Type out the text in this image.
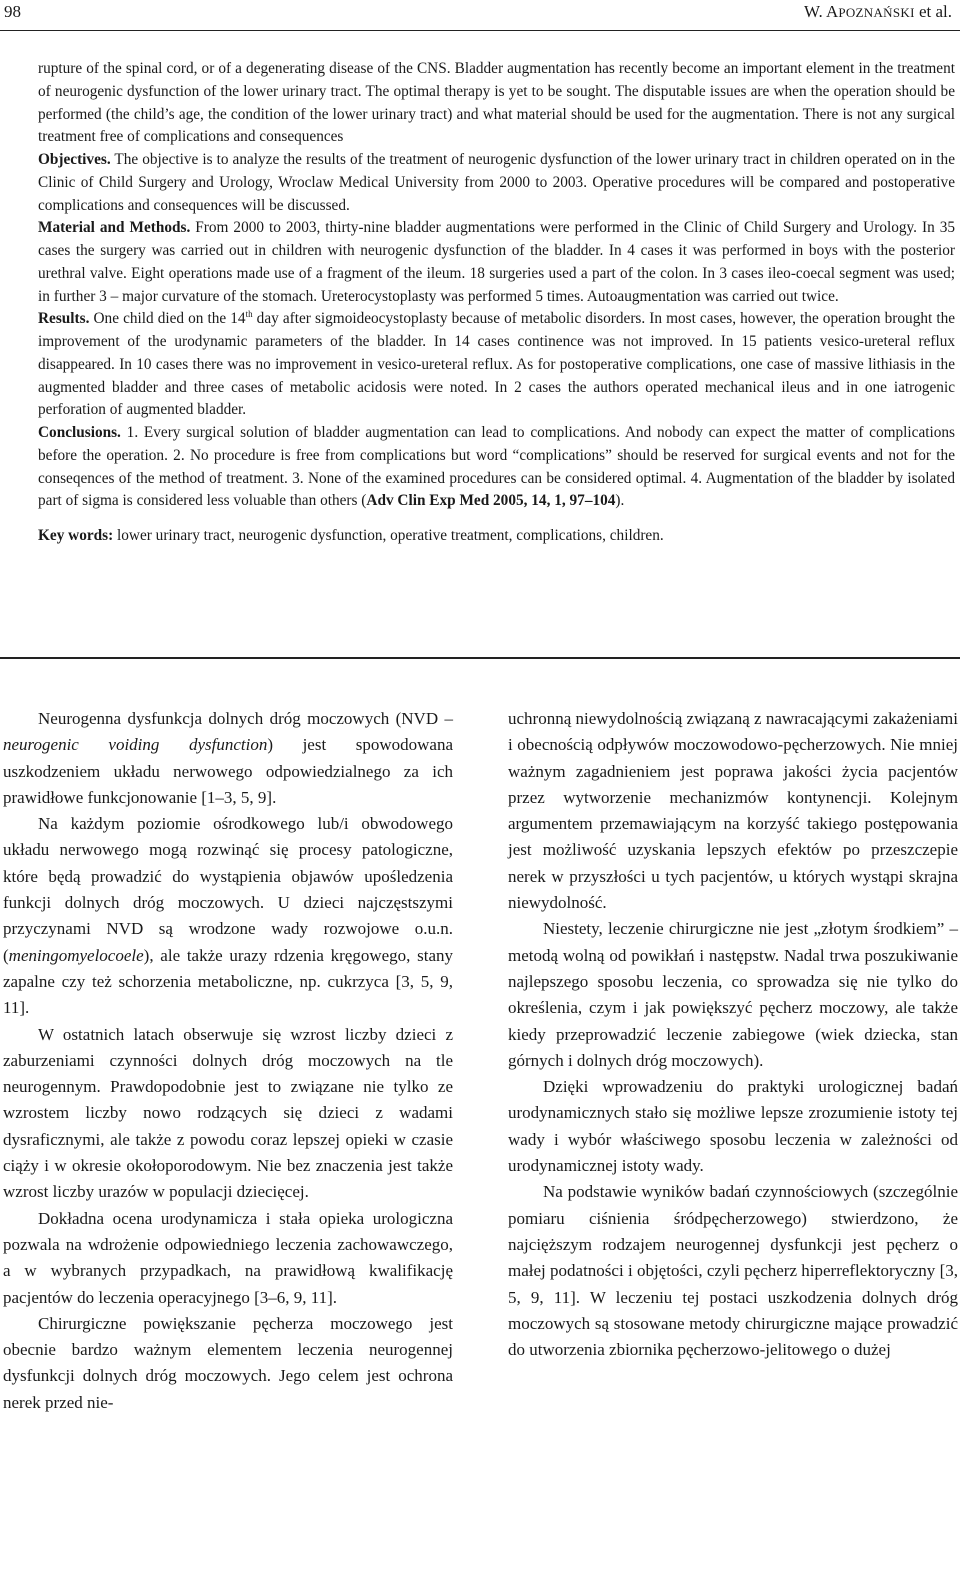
98	W. APOZNAŃSKI et al.

rupture of the spinal cord, or of a degenerating disease of the CNS. Bladder augmentation has recently become an important element in the treatment of neurogenic dysfunction of the lower urinary tract. The optimal therapy is yet to be sought. The disputable issues are when the operation should be performed (the child’s age, the condition of the lower urinary tract) and what material should be used for the augmentation. There is not any surgical treatment free of complications and consequences
Objectives. The objective is to analyze the results of the treatment of neurogenic dysfunction of the lower urinary tract in children operated on in the Clinic of Child Surgery and Urology, Wroclaw Medical University from 2000 to 2003. Operative procedures will be compared and postoperative complications and consequences will be discussed.
Material and Methods. From 2000 to 2003, thirty-nine bladder augmentations were performed in the Clinic of Child Surgery and Urology. In 35 cases the surgery was carried out in children with neurogenic dysfunction of the bladder. In 4 cases it was performed in boys with the posterior urethral valve. Eight operations made use of a fragment of the ileum. 18 surgeries used a part of the colon. In 3 cases ileo-coecal segment was used; in further 3 – major curvature of the stomach. Ureterocystoplasty was performed 5 times. Autoaugmentation was carried out twice.
Results. One child died on the 14th day after sigmoideocystoplasty because of metabolic disorders. In most cases, however, the operation brought the improvement of the urodynamic parameters of the bladder. In 14 cases continence was not improved. In 15 patients vesico-ureteral reflux disappeared. In 10 cases there was no improvement in vesico-ureteral reflux. As for postoperative complications, one case of massive lithiasis in the augmented bladder and three cases of metabolic acidosis were noted. In 2 cases the authors operated mechanical ileus and in one iatrogenic perforation of augmented bladder.
Conclusions. 1. Every surgical solution of bladder augmentation can lead to complications. And nobody can expect the matter of complications before the operation. 2. No procedure is free from complications but word “complications” should be reserved for surgical events and not for the conseqences of the method of treatment. 3. None of the examined procedures can be considered optimal. 4. Augmentation of the bladder by isolated part of sigma is considered less voluable than others (Adv Clin Exp Med 2005, 14, 1, 97–104).

Key words: lower urinary tract, neurogenic dysfunction, operative treatment, complications, children.

Neurogenna dysfunkcja dolnych dróg moczowych (NVD – neurogenic voiding dysfunction) jest spowodowana uszkodzeniem układu nerwowego odpowiedzialnego za ich prawidłowe funkcjonowanie [1–3, 5, 9].

Na każdym poziomie ośrodkowego lub/i obwodowego układu nerwowego mogą rozwinąć się procesy patologiczne, które będą prowadzić do wystąpienia objawów upośledzenia funkcji dolnych dróg moczowych. U dzieci najczęstszymi przyczynami NVD są wrodzone wady rozwojowe o.u.n. (meningomyelocoele), ale także urazy rdzenia kręgowego, stany zapalne czy też schorzenia metaboliczne, np. cukrzyca [3, 5, 9, 11].

W ostatnich latach obserwuje się wzrost liczby dzieci z zaburzeniami czynności dolnych dróg moczowych na tle neurogennym. Prawdopodobnie jest to związane nie tylko ze wzrostem liczby nowo rodzących się dzieci z wadami dysraficznymi, ale także z powodu coraz lepszej opieki w czasie ciąży i w okresie okołoporodowym. Nie bez znaczenia jest także wzrost liczby urazów w populacji dziecięcej.

Dokładna ocena urodynamicza i stała opieka urologiczna pozwala na wdrożenie odpowiedniego leczenia zachowawczego, a w wybranych przypadkach, na prawidłową kwalifikację pacjentów do leczenia operacyjnego [3–6, 9, 11].

Chirurgiczne powiększanie pęcherza moczowego jest obecnie bardzo ważnym elementem leczenia neurogennej dysfunkcji dolnych dróg moczowych. Jego celem jest ochrona nerek przed nie-

uchronną niewydolnością związaną z nawracającymi zakażeniami i obecnością odpływów moczowodowo-pęcherzowych. Nie mniej ważnym zagadnieniem jest poprawa jakości życia pacjentów przez wytworzenie mechanizmów kontynencji. Kolejnym argumentem przemawiającym na korzyść takiego postępowania jest możliwość uzyskania lepszych efektów po przeszczepie nerek w przyszłości u tych pacjentów, u których wystąpi skrajna niewydolność.

Niestety, leczenie chirurgiczne nie jest „złotym środkiem” – metodą wolną od powikłań i następstw. Nadal trwa poszukiwanie najlepszego sposobu leczenia, co sprowadza się nie tylko do określenia, czym i jak powiększyć pęcherz moczowy, ale także kiedy przeprowadzić leczenie zabiegowe (wiek dziecka, stan górnych i dolnych dróg moczowych).

Dzięki wprowadzeniu do praktyki urologicznej badań urodynamicznych stało się możliwe lepsze zrozumienie istoty tej wady i wybór właściwego sposobu leczenia w zależności od urodynamicznej istoty wady.

Na podstawie wyników badań czynnościowych (szczególnie pomiaru ciśnienia śródpęcherzowego) stwierdzono, że najcięższym rodzajem neurogennej dysfunkcji jest pęcherz o małej podatności i objętości, czyli pęcherz hiperreflektoryczny [3, 5, 9, 11]. W leczeniu tej postaci uszkodzenia dolnych dróg moczowych są stosowane metody chirurgiczne mające prowadzić do utworzenia zbiornika pęcherzowo-jelitowego o dużej
